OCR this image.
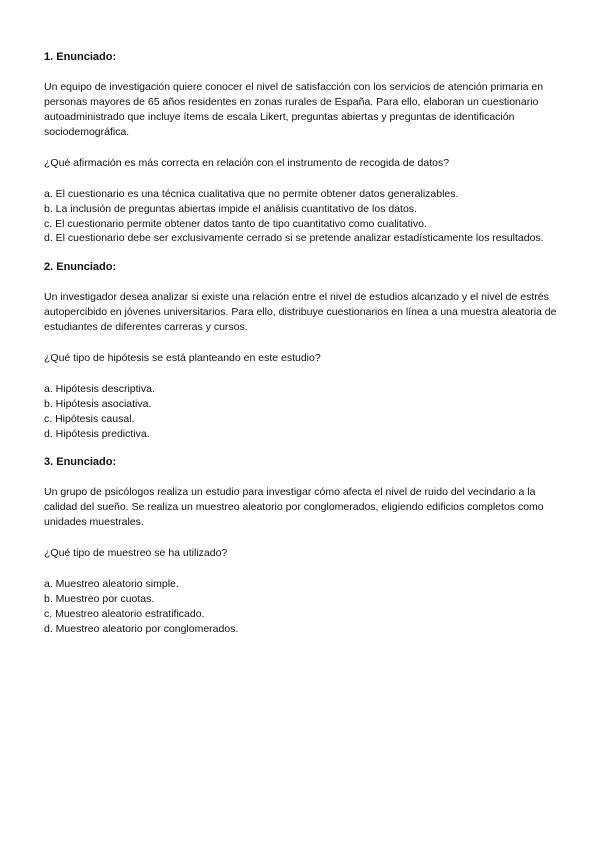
1. Enunciado:

Un equipo de investigación quiere conocer el nivel de satisfacción con los servicios de atención primaria en personas mayores de 65 años residentes en zonas rurales de España. Para ello, elaboran un cuestionario autoadministrado que incluye ítems de escala Likert, preguntas abiertas y preguntas de identificación sociodemográfica.

¿Qué afirmación es más correcta en relación con el instrumento de recogida de datos?

a. El cuestionario es una técnica cualitativa que no permite obtener datos generalizables.
b. La inclusión de preguntas abiertas impide el análisis cuantitativo de los datos.
c. El cuestionario permite obtener datos tanto de tipo cuantitativo como cualitativo.
d. El cuestionario debe ser exclusivamente cerrado si se pretende analizar estadísticamente los resultados.

2. Enunciado:

Un investigador desea analizar si existe una relación entre el nivel de estudios alcanzado y el nivel de estrés autopercibido en jóvenes universitarios. Para ello, distribuye cuestionarios en línea a una muestra aleatoria de estudiantes de diferentes carreras y cursos.

¿Qué tipo de hipótesis se está planteando en este estudio?

a. Hipótesis descriptiva.
b. Hipótesis asociativa.
c. Hipótesis causal.
d. Hipótesis predictiva.

3. Enunciado:

Un grupo de psicólogos realiza un estudio para investigar cómo afecta el nivel de ruido del vecindario a la calidad del sueño. Se realiza un muestreo aleatorio por conglomerados, eligiendo edificios completos como unidades muestrales.

¿Qué tipo de muestreo se ha utilizado?

a. Muestreo aleatorio simple.
b. Muestreo por cuotas.
c. Muestreo aleatorio estratificado.
d. Muestreo aleatorio por conglomerados.
